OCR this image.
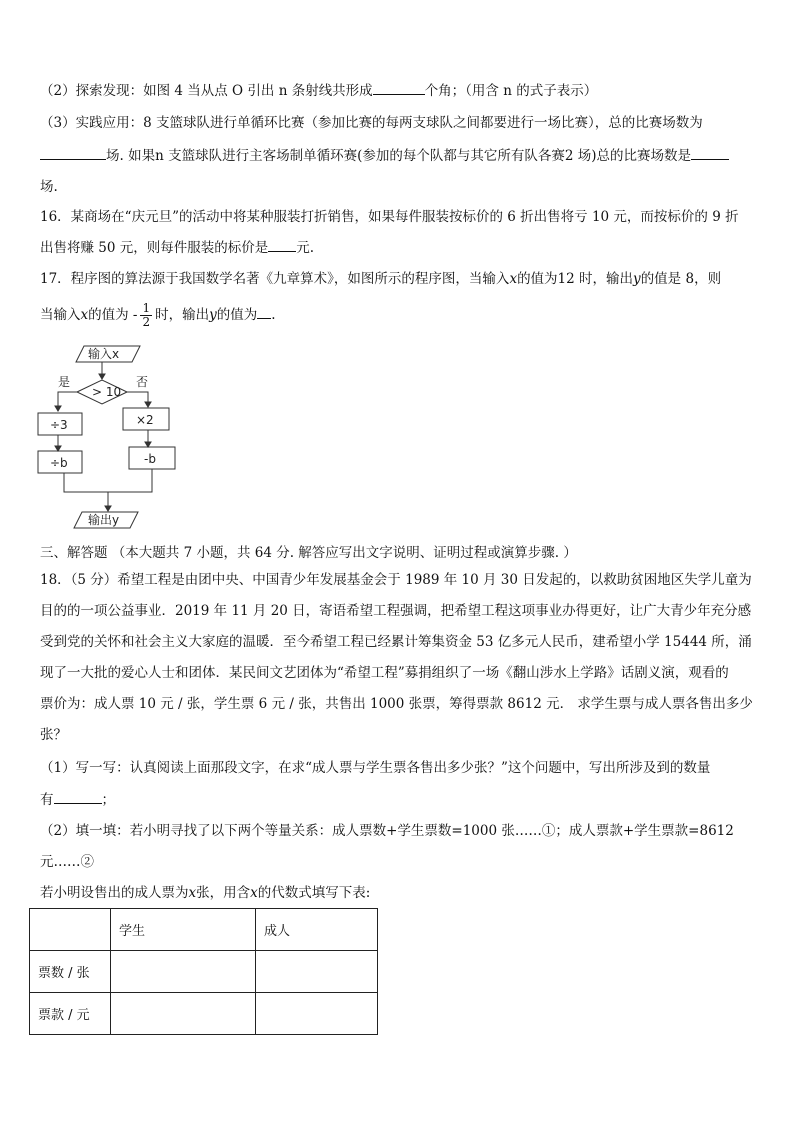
（2）探索发现：如图 4 当从点 O 引出 n 条射线共形成	个角；（用含 n 的式子表示）
（3）实践应用：8 支篮球队进行单循环比赛（参加比赛的每两支球队之间都要进行一场比赛），总的比赛场数为
场. 如果n 支篮球队进行主客场制单循环赛(参加的每个队都与其它所有队各赛2 场)总的比赛场数是
场.
16．某商场在“庆元旦”的活动中将某种服装打折销售，如果每件服装按标价的 6 折出售将亏 10 元，而按标价的 9 折
出售将赚 50 元，则每件服装的标价是 元.
17．程序图的算法源于我国数学名著《九章算术》，如图所示的程序图，当输入x的值为12 时，输出y的值是 8，则
当输入x的值为 - $\frac{1}{2}$ 时，输出y的值为 .
输入x
> 10
是	否
÷3
÷b
×2
-b
输出y
三、解答题 （本大题共 7 小题，共 64 分. 解答应写出文字说明、证明过程或演算步骤. ）
18．（5 分）希望工程是由团中央、中国青少年发展基金会于 1989 年 10 月 30 日发起的，以救助贫困地区失学儿童为
目的的一项公益事业．2019 年 11 月 20 日，寄语希望工程强调，把希望工程这项事业办得更好，让广大青少年充分感
受到党的关怀和社会主义大家庭的温暖．至今希望工程已经累计筹集资金 53 亿多元人民币，建希望小学 15444 所，涌
现了一大批的爱心人士和团体．某民间文艺团体为“希望工程”募捐组织了一场《翻山涉水上学路》话剧义演，观看的
票价为：成人票 10 元 / 张，学生票 6 元 / 张，共售出 1000 张票，筹得票款 8612 元． 求学生票与成人票各售出多少
张？
（1）写一写：认真阅读上面那段文字，在求“成人票与学生票各售出多少张？”这个问题中，写出所涉及到的数量
有	；
（2）填一填：若小明寻找了以下两个等量关系：成人票数+学生票数=1000 张……①；成人票款+学生票款=8612
元……②
若小明设售出的成人票为x张，用含x的代数式填写下表:
	学生	成人
票数 / 张		
票款 / 元		
